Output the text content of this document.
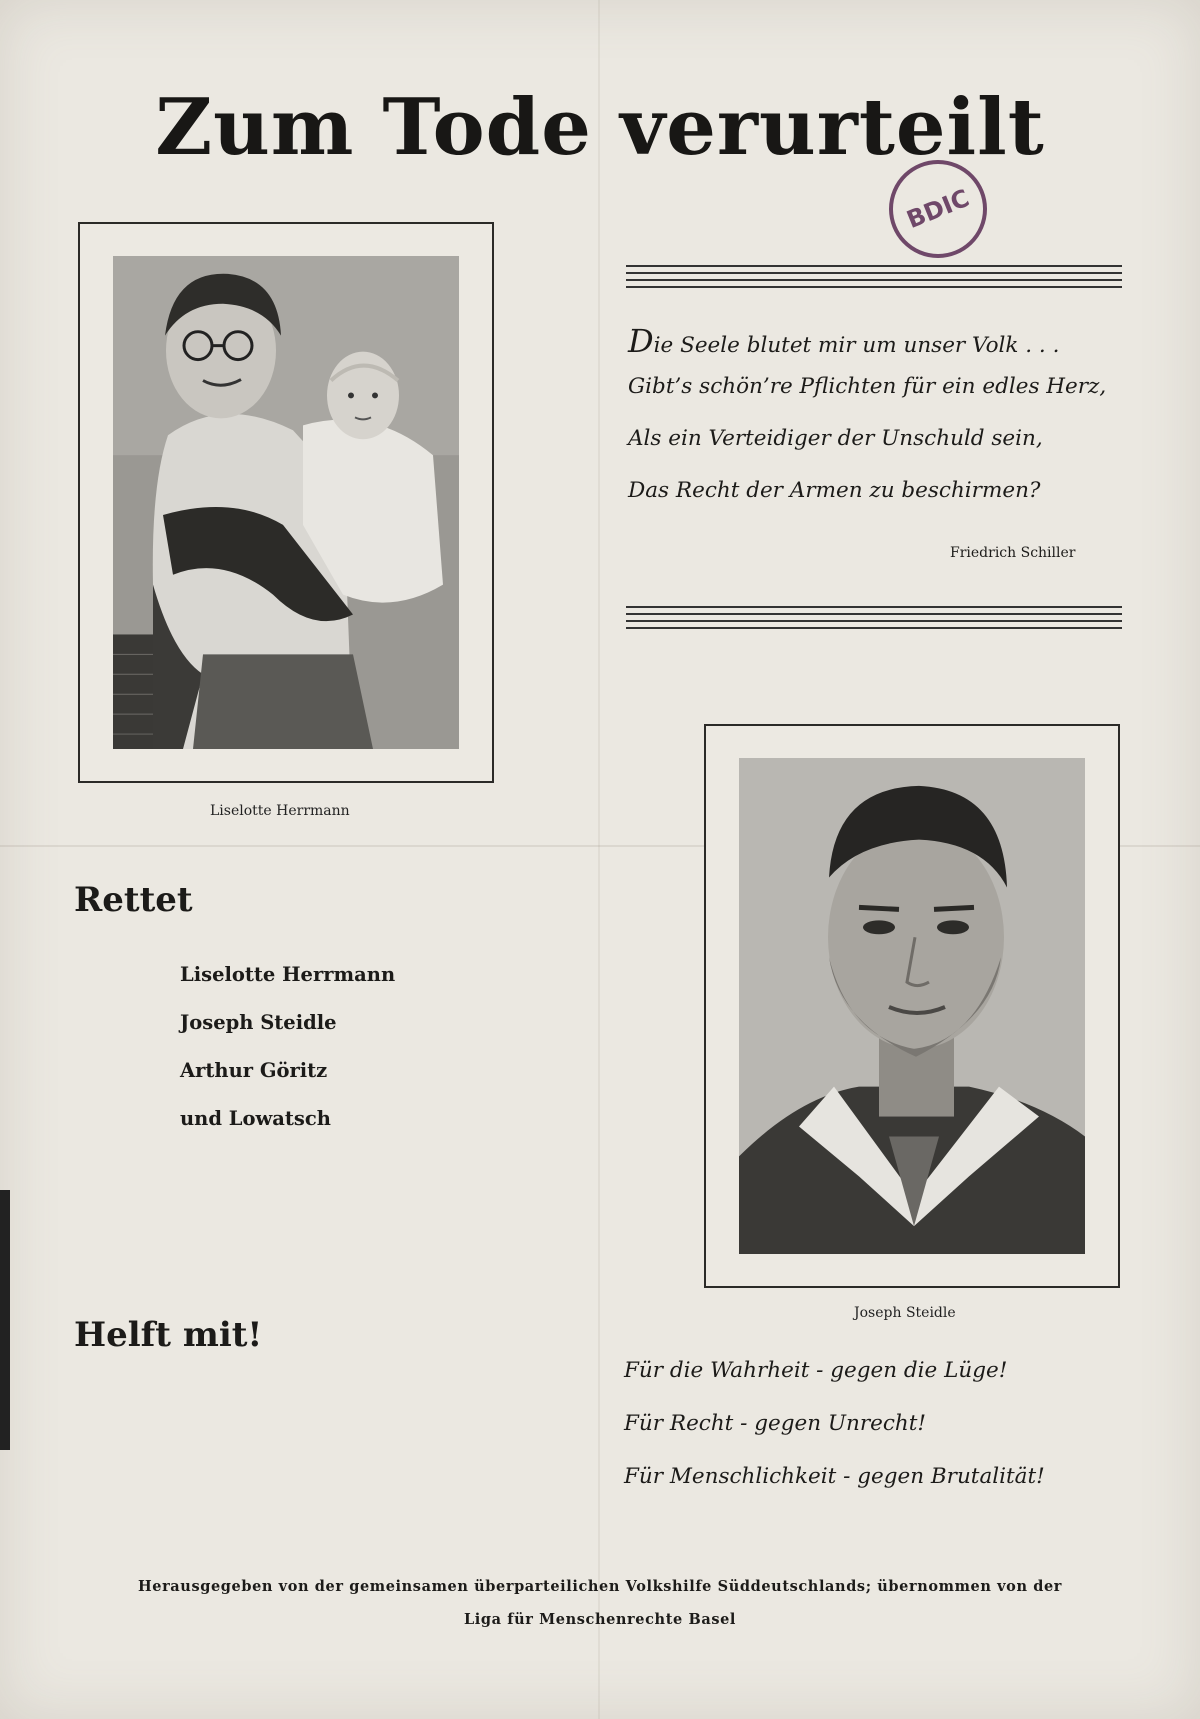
Zum Tode verurteilt
BDIC
Liselotte Herrmann
Die Seele blutet mir um unser Volk . . .
Gibt’s schön’re Pflichten für ein edles Herz,
Als ein Verteidiger der Unschuld sein,
Das Recht der Armen zu beschirmen?
Friedrich Schiller
Rettet
Liselotte Herrmann
Joseph Steidle
Arthur Göritz
und Lowatsch
Joseph Steidle
Helft mit!
Für die Wahrheit - gegen die Lüge!
Für Recht - gegen Unrecht!
Für Menschlichkeit - gegen Brutalität!
Herausgegeben von der gemeinsamen überparteilichen Volkshilfe Süddeutschlands; übernommen von der
Liga für Menschenrechte Basel
